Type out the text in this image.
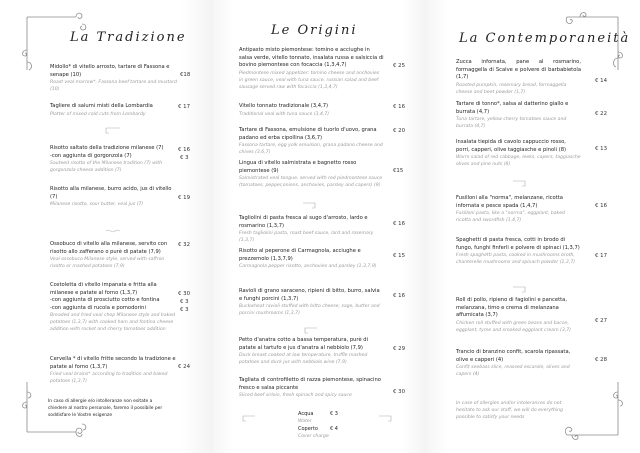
La Tradizione
Midollo* di vitello arrosto, tartare di Fassona e senape (10)
Roast veal marrow*, Fassona beef tartare and mustard (10)
€18
Tagliere di salumi misti della Lombardia
Platter of mixed cold cuts from Lombardy
€ 17
Risotto saltato della tradizione milanese (7)
-con aggiunta di gorgonzola (7)
Sauteed risotto of the Milanese tradition (7) with gorgonzola cheese addition (7)
€ 16
€ 3
Risotto alla milanese, burro acido, jus di vitello (7)
Milanese risotto, sour butter, veal jus (7)
€ 19
Ossobuco di vitello alla milanese, servito con risotto allo zafferano o purè di patate (7,9)
Veal ossobuco Milanese style, served with saffron risotto or mashed potatoes (7,9)
€ 32
Costoletta di vitello impanata e fritta alla milanese e patate al forno (1,3,7)
-con aggiunta di prosciutto cotto e fontina
-con aggiunta di rucola e pomodorini
Breaded and fried veal chop Milanese style and baked potatoes (1,3,7) with cooked ham and fontina cheese addition with rocket and cherry tomatoes addition
€ 30
€ 3
€ 3
Cervella * di vitello fritte secondo la tradizione e patate al forno (1,3,7)
Fried veal brains* according to tradition and baked potatoes (1,3,7)
€ 24
In caso di allergie e/o intolleranze non esitate a chiedere al nostro personale, faremo il possibile per soddisfare le Vostre esigenze
Le Origini
Antipasto misto piemontese: tomino e acciughe in salsa verde, vitello tonnato, insalata russa e salsiccia di bovino piemontese con focaccia (1,3,4,7)
Piedmontese mixed appetizer: tomino cheese and anchovies in green sauce, veal with tuna sauce, russian salad and beef sausage served raw with focaccia (1,3,4,7)
€ 25
Vitello tonnato tradizionale (3,4,7)
Traditional veal with tuna sauce (3,4,7)
€ 16
Tartare di Fassona, emulsione di tuorlo d'uovo, grana padano ed erba cipollina (3,6,7)
Fassona tartare, egg yolk emulsion, grana padano cheese and chives (3,6,7)
€ 20
Lingua di vitello salmistrata e bagnetto rosso piemontese (9)
Salmistrated veal tongue, served with red piedmontese sauce (tomatoes, pepper,onions, anchovies, parsley and capers) (9)
€15
Tagliolini di pasta fresca al sugo d'arrosto, lardo e rosmarino (1,3,7)
Fresh tagliolini pasta, roast beef sauce, lard and rosemary (1,3,7)
€ 16
Risotto al peperone di Carmagnola, acciughe e prezzemolo (1,3,7,9)
Carmagnola pepper risotto, anchovies and parsley (1,3,7,9)
€ 15
Ravioli di grano saraceno, ripieni di bitto, burro, salvia e funghi porcini (1,3,7)
Buckwheat ravioli stuffed with bitto cheese, sage, butter and porcini mushrooms (1,3,7)
€ 16
Petto d'anatra cotto a bassa temperatura, purè di patate al tartufo e jus d'anatra al nebbiolo (7,9)
Duck breast cooked at low temperature, truffle mashed potatoes and duck jus with nebbiolo wine (7,9)
€ 29
Tagliata di controfiletto di razza piemontese, spinacino fresco e salsa piccante
Sliced beef sirloin, fresh spinach and spicy sauce
€ 30
Acqua	€ 3
Water
Coperto € 4
Cover charge
La Contemporaneità
Zucca infornata, pane al rosmarino, formaggella di Scalve e polvere di barbabietola (1,7)
Roasted pumpkin, rosemary bread, formaggella cheese and beet powder (1,7)
€ 14
Tartare di tonno*, salsa al datterino giallo e burrata (4,7)
Tuna tartare, yellow cherry tomatoes sauce and burrata (4,7)
€ 22
Insalata tiepida di cavolo cappuccio rosso, porri, capperi, olive taggiasche e pinoli (8)
Warm salad of red cabbage, leeks, capers, taggiasche olives and pine nuts (8)
€ 13
Fusilloni alla "norma", melanzane, ricotta infornata e pesce spada (1,4,7)
Fusilloni pasta, like a "norma", eggplant, baked ricotta and swordfish (1,4,7)
€ 16
Spaghetti di pasta fresca, cotti in brodo di fungo, funghi finferli e polvere di spinaci (1,3,7)
Fresh spaghetti pasta, cooked in mushrooms broth, chanterelle mushrooms and spinach powder (1,3,7)
€ 17
Roll di pollo, ripieno di fagiolini e pancetta, melanzana, timo e crema di melanzana affumicata (3,7)
Chicken roll stuffed with green beans and bacon, eggplant, tyme and smoked eggplant cream (3,7)
€ 27
Trancio di branzino confit, scarola ripassata, olive e capperi (4)
Confit seebass slice, reassed escarole, olives and capers (4)
€ 28
In case of allergies and/or intolerances do not hesitate to ask our staff, we will do everything possible to satisfy your needs
